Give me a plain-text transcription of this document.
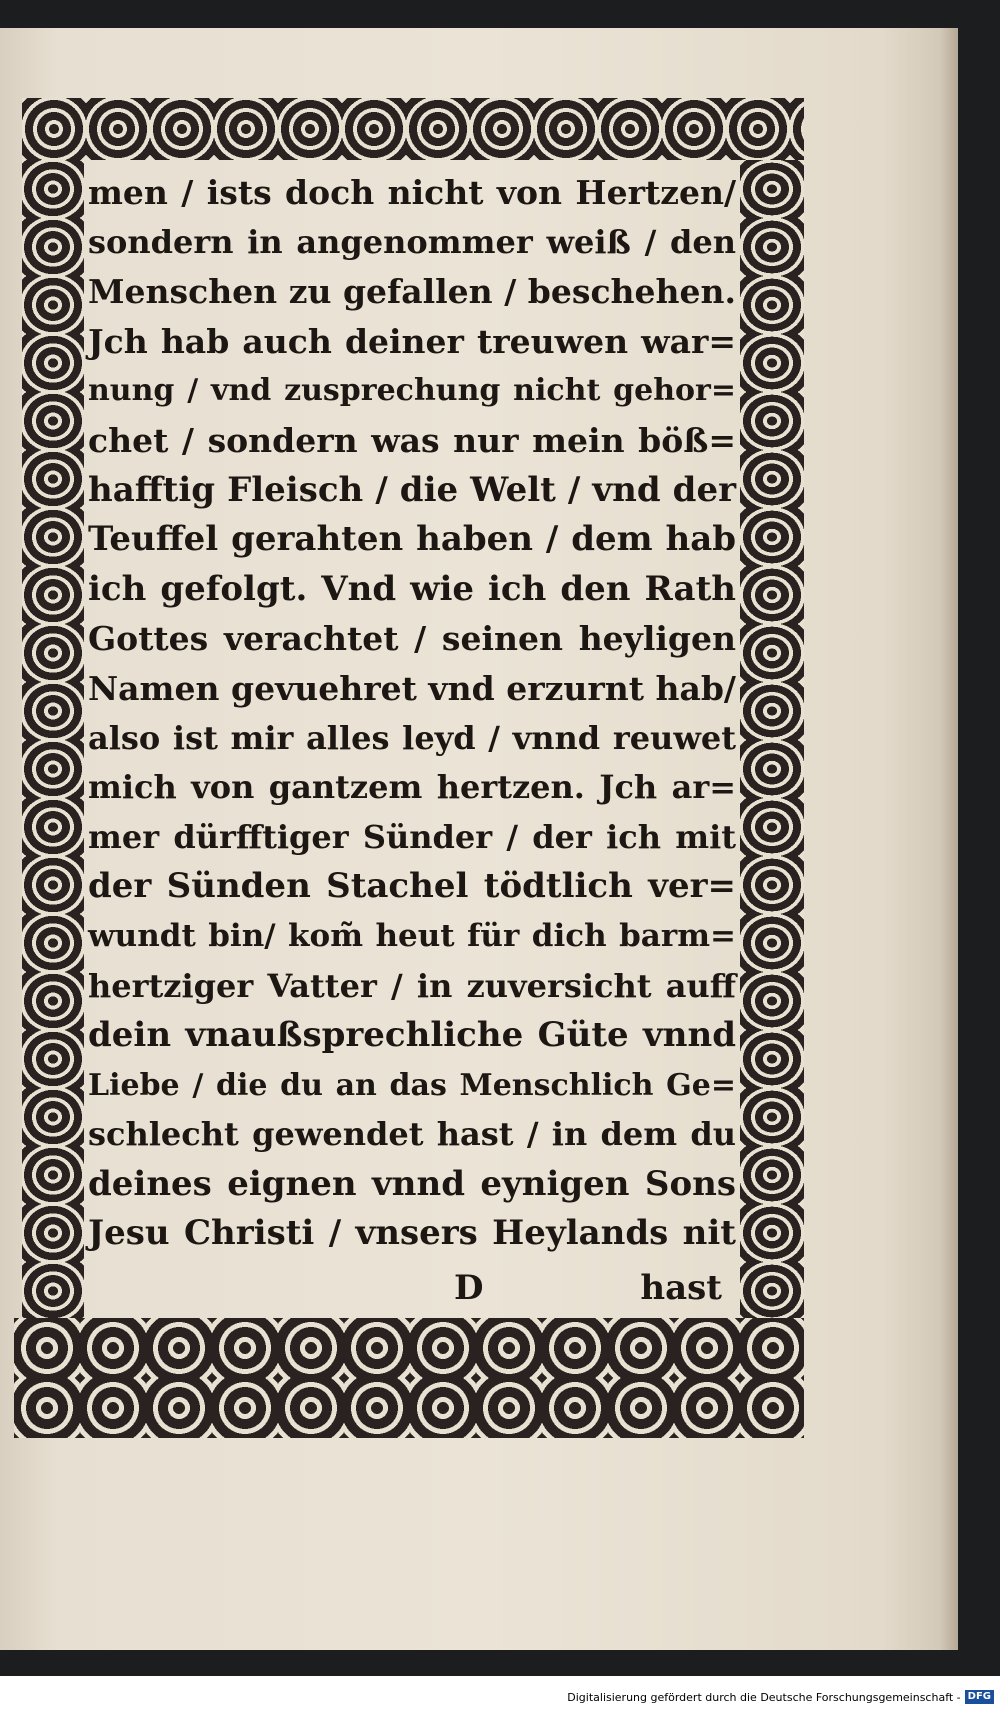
men / ists doch nicht von Hertzen/
sondern in angenommer weiß / den
Menschen zu gefallen / beschehen.
Jch hab auch deiner treuwen war=
nung / vnd zusprechung nicht gehor=
chet / sondern was nur mein böß=
hafftig Fleisch / die Welt / vnd der
Teuffel gerahten haben / dem hab
ich gefolgt. Vnd wie ich den Rath
Gottes verachtet / seinen heyligen
Namen gevuehret vnd erzurnt hab/
also ist mir alles leyd / vnnd reuwet
mich von gantzem hertzen. Jch ar=
mer dürfftiger Sünder / der ich mit
der Sünden Stachel tödtlich ver=
wundt bin/ kom̃ heut für dich barm=
hertziger Vatter / in zuversicht auff
dein vnaußsprechliche Güte vnnd
Liebe / die du an das Menschlich Ge=
schlecht gewendet hast / in dem du
deines eignen vnnd eynigen Sons
Jesu Christi / vnsers Heylands nit
D	hast
Digitalisierung gefördert durch die Deutsche Forschungsgemeinschaft - DFG
